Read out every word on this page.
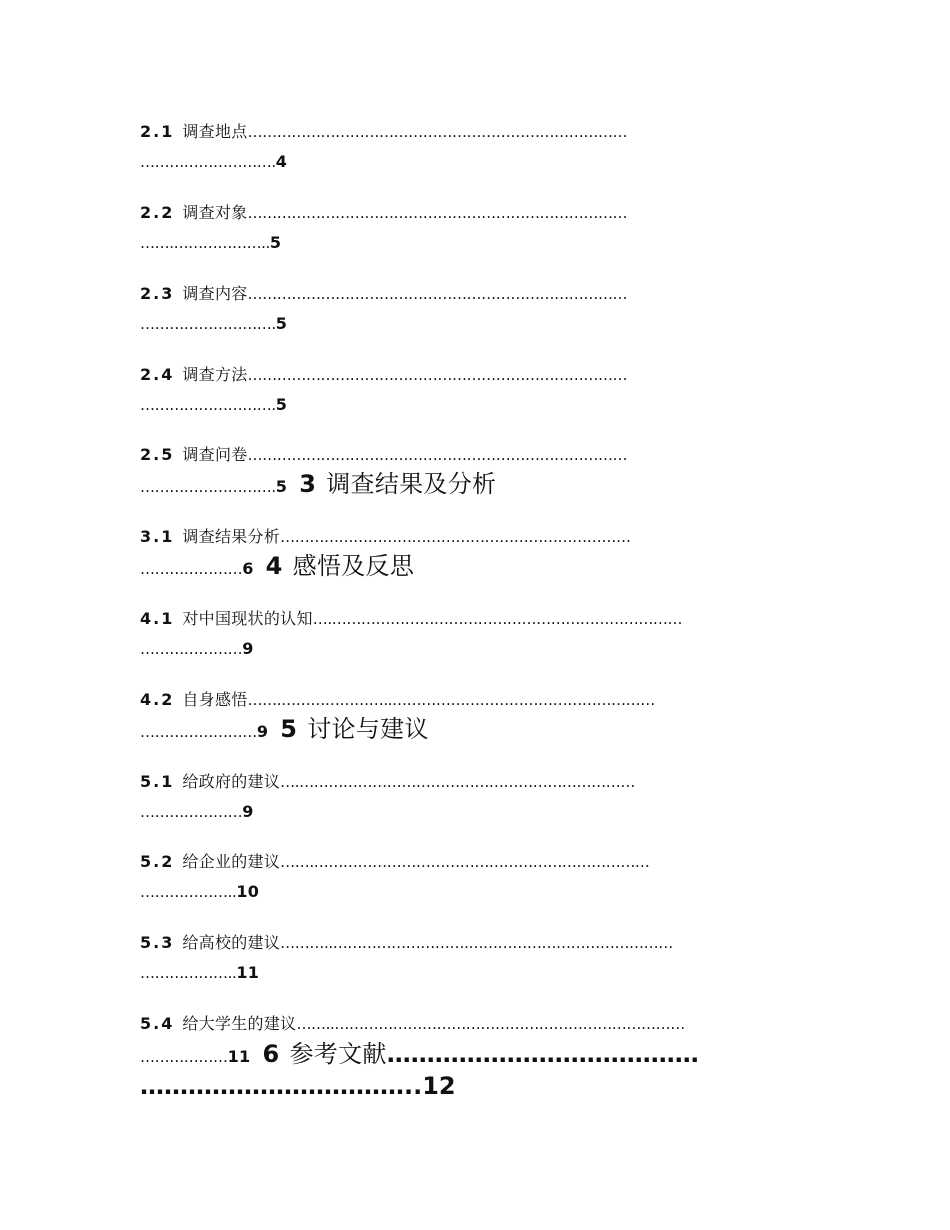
2.1 调查地点……………………………………………………………………
……………………….4
2.2 调查对象……………………………………………………………………
…….………………..5
2.3 调查内容……………………………………………………………………
……………………….5
2.4 调查方法……………………………………………………………………
……………………….5
2.5 调查问卷……………………………………………………………………
……………………….5 3 调查结果及分析
3.1 调查结果分析………………………………………………………………
…………………6 4 感悟及反思
4.1 对中国现状的认知….………………………………………………………………
…………………9
4.2 自身感悟…….…………………..………………………………………………
……………………9 5 讨论与建议
5.1 给政府的建议….……………………………………………………………
…………………9
5.2 给企业的建议…….……………………………………………………………
………………..10
5.3 给高校的建议………..……………………….……………………………………
………………..11
5.4 给大学生的建议……..………………………………………………………………
………………11 6 参考文献…………………………………
……………………………..12
